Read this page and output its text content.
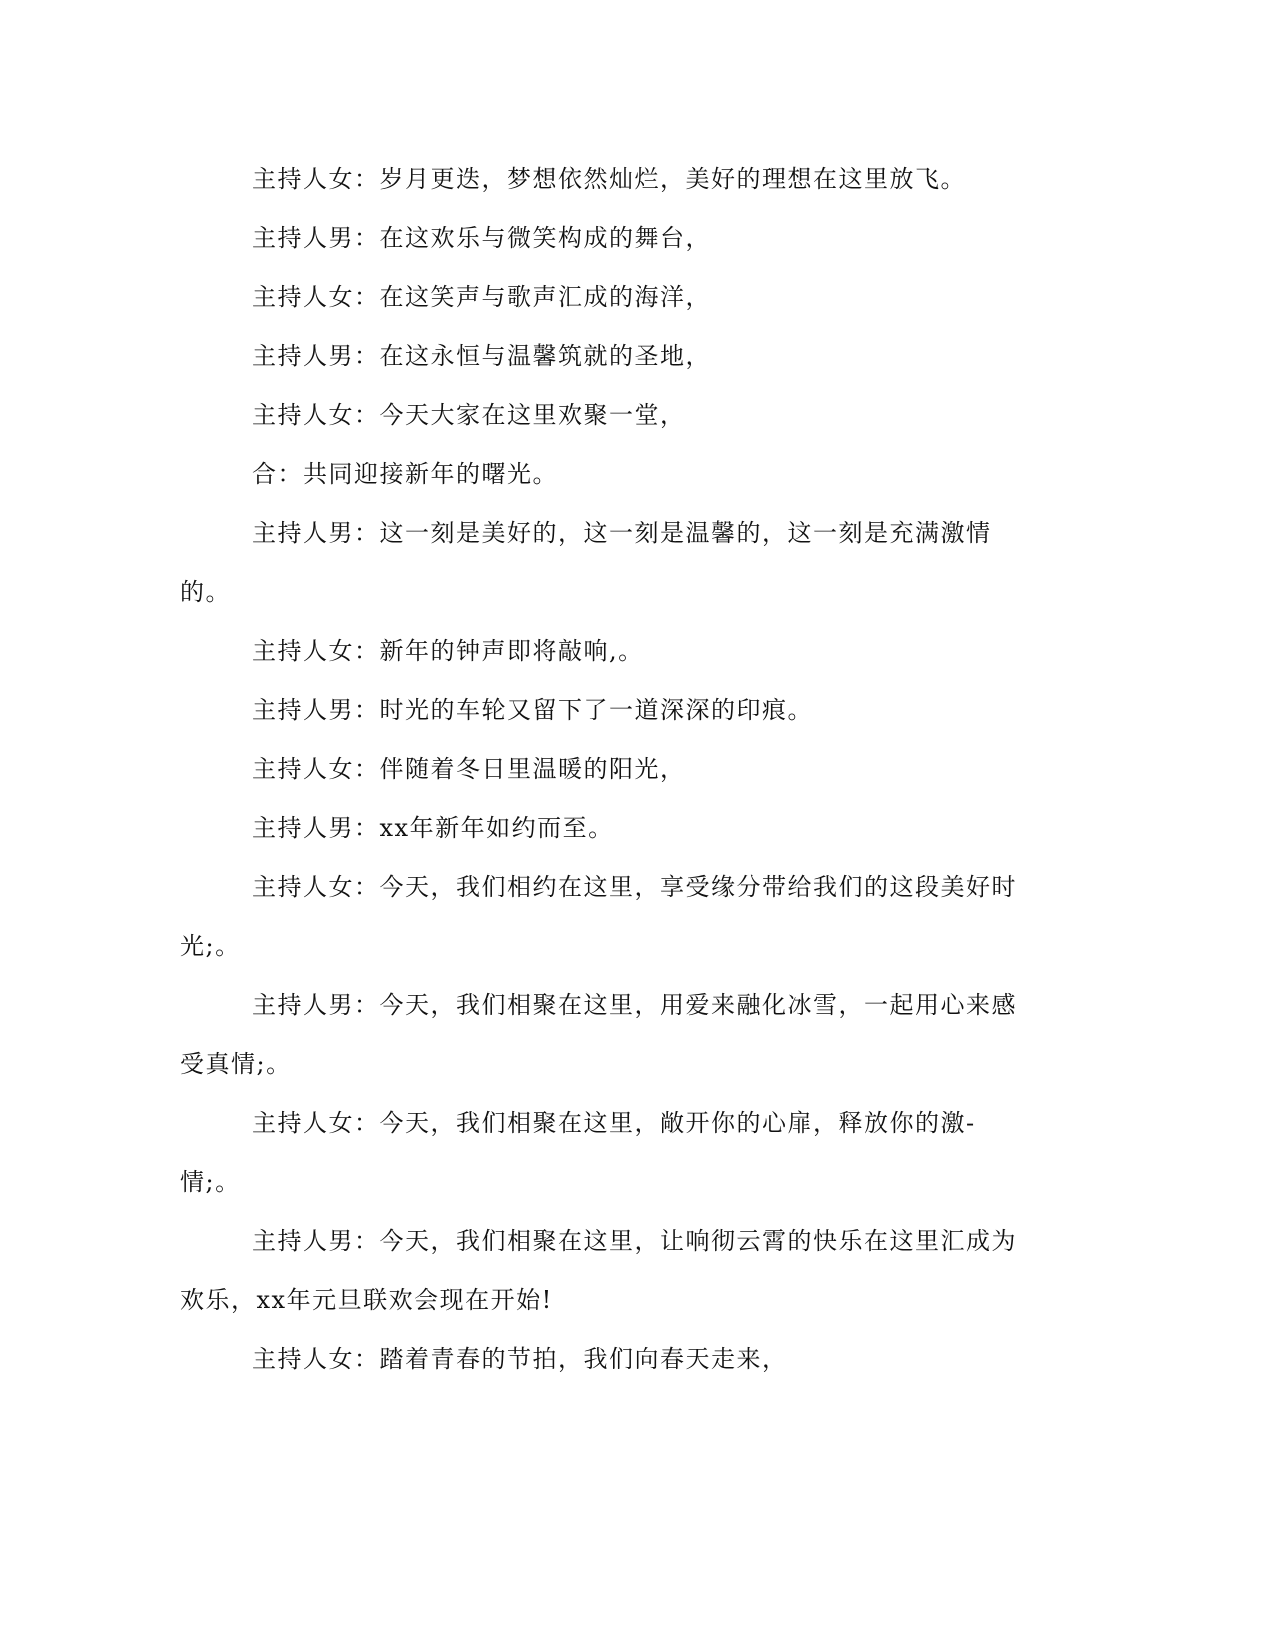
主持人女：岁月更迭，梦想依然灿烂，美好的理想在这里放飞。

主持人男：在这欢乐与微笑构成的舞台，

主持人女：在这笑声与歌声汇成的海洋，

主持人男：在这永恒与温馨筑就的圣地，

主持人女：今天大家在这里欢聚一堂，

合：共同迎接新年的曙光。

主持人男：这一刻是美好的，这一刻是温馨的，这一刻是充满激情的。

主持人女：新年的钟声即将敲响,。

主持人男：时光的车轮又留下了一道深深的印痕。

主持人女：伴随着冬日里温暖的阳光，

主持人男：xx年新年如约而至。

主持人女：今天，我们相约在这里，享受缘分带给我们的这段美好时光;。

主持人男：今天，我们相聚在这里，用爱来融化冰雪，一起用心来感受真情;。

主持人女：今天，我们相聚在这里，敞开你的心扉，释放你的激-情;。

主持人男：今天，我们相聚在这里，让响彻云霄的快乐在这里汇成为欢乐，xx年元旦联欢会现在开始!

主持人女：踏着青春的节拍，我们向春天走来，
